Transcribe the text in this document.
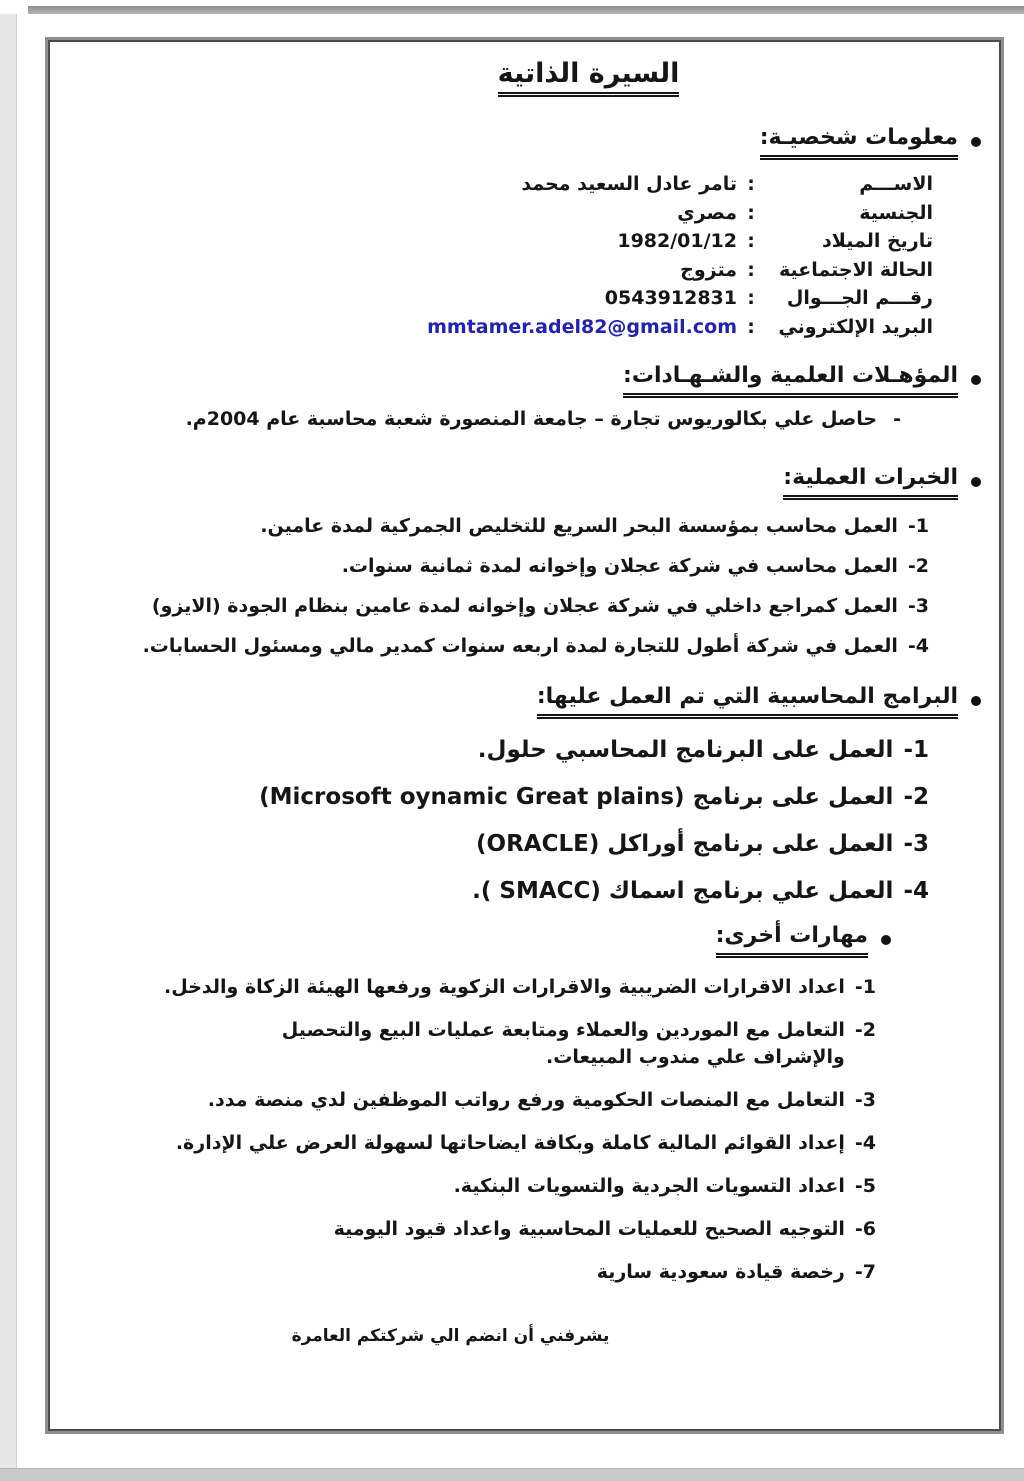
السيرة الذاتية
معلومات شخصيـة:
الاســـم
:
تامر عادل السعيد محمد
الجنسية
:
مصري
تاريخ الميلاد
:
1982/01/12
الحالة الاجتماعية
:
متزوج
رقـــم الجـــوال
:
0543912831
البريد الإلكتروني
:
mmtamer.adel82@gmail.com
المؤهـلات العلمية والشـهـادات:
-
حاصل علي بكالوريوس تجارة – جامعة المنصورة شعبة محاسبة عام 2004م.
الخبرات العملية:
1-
العمل محاسب بمؤسسة البحر السريع للتخليص الجمركية لمدة عامين.
2-
العمل محاسب في شركة عجلان وإخوانه لمدة ثمانية سنوات.
3-
العمل كمراجع داخلي في شركة عجلان وإخوانه لمدة عامين بنظام الجودة (الايزو)
4-
العمل في شركة أطول للتجارة لمدة اربعه سنوات كمدير مالي ومسئول الحسابات.
البرامج المحاسبية التي تم العمل عليها:
1-
العمل على البرنامج المحاسبي حلول.
2-
العمل على برنامج (Microsoft oynamic Great plains)
3-
العمل على برنامج أوراكل (ORACLE)
4-
العمل علي برنامج اسماك (SMACC ).
مهارات أخرى:
1-
اعداد الاقرارات الضريبية والاقرارات الزكوية ورفعها الهيئة الزكاة والدخل.
2-
التعامل مع الموردين والعملاء ومتابعة عمليات البيع والتحصيل والإشراف علي مندوب المبيعات.
3-
التعامل مع المنصات الحكومية ورفع رواتب الموظفين لدي منصة مدد.
4-
إعداد القوائم المالية كاملة وبكافة ايضاحاتها لسهولة العرض علي الإدارة.
5-
اعداد التسويات الجردية والتسويات البنكية.
6-
التوجيه الصحيح للعمليات المحاسبية واعداد قيود اليومية
7-
رخصة قيادة سعودية سارية
يشرفني أن انضم الي شركتكم العامرة
